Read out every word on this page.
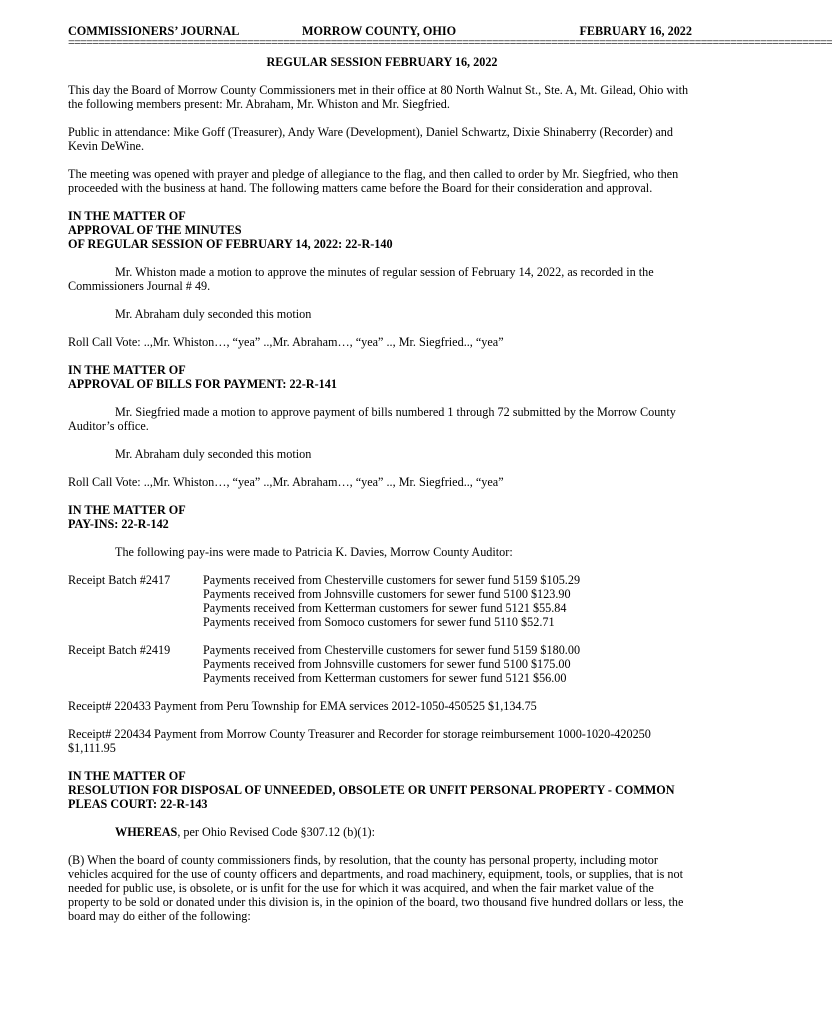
COMMISSIONERS’ JOURNAL	MORROW COUNTY, OHIO	FEBRUARY 16, 2022
================================================================================================================================

REGULAR SESSION FEBRUARY 16, 2022

This day the Board of Morrow County Commissioners met in their office at 80 North Walnut St., Ste. A, Mt. Gilead, Ohio with the following members present: Mr. Abraham, Mr. Whiston and Mr. Siegfried.

Public in attendance: Mike Goff (Treasurer), Andy Ware (Development), Daniel Schwartz, Dixie Shinaberry (Recorder) and Kevin DeWine.

The meeting was opened with prayer and pledge of allegiance to the flag, and then called to order by Mr. Siegfried, who then proceeded with the business at hand. The following matters came before the Board for their consideration and approval.

IN THE MATTER OF
APPROVAL OF THE MINUTES
OF REGULAR SESSION OF FEBRUARY 14, 2022: 22-R-140

Mr. Whiston made a motion to approve the minutes of regular session of February 14, 2022, as recorded in the Commissioners Journal # 49.

Mr. Abraham duly seconded this motion

Roll Call Vote: ..,Mr. Whiston…, “yea” ..,Mr. Abraham…, “yea” .., Mr. Siegfried.., “yea”

IN THE MATTER OF
APPROVAL OF BILLS FOR PAYMENT: 22-R-141

Mr. Siegfried made a motion to approve payment of bills numbered 1 through 72 submitted by the Morrow County Auditor’s office.

Mr. Abraham duly seconded this motion

Roll Call Vote: ..,Mr. Whiston…, “yea” ..,Mr. Abraham…, “yea” .., Mr. Siegfried.., “yea”

IN THE MATTER OF
PAY-INS: 22-R-142

The following pay-ins were made to Patricia K. Davies, Morrow County Auditor:

Receipt Batch #2417	Payments received from Chesterville customers for sewer fund 5159 $105.29
Payments received from Johnsville customers for sewer fund 5100 $123.90
Payments received from Ketterman customers for sewer fund 5121 $55.84
Payments received from Somoco customers for sewer fund 5110 $52.71
Receipt Batch #2419	Payments received from Chesterville customers for sewer fund 5159 $180.00
Payments received from Johnsville customers for sewer fund 5100 $175.00
Payments received from Ketterman customers for sewer fund 5121 $56.00

Receipt# 220433 Payment from Peru Township for EMA services 2012-1050-450525 $1,134.75

Receipt# 220434 Payment from Morrow County Treasurer and Recorder for storage reimbursement 1000-1020-420250 $1,111.95

IN THE MATTER OF
RESOLUTION FOR DISPOSAL OF UNNEEDED, OBSOLETE OR UNFIT PERSONAL PROPERTY - COMMON PLEAS COURT: 22-R-143

WHEREAS, per Ohio Revised Code §307.12 (b)(1):

(B) When the board of county commissioners finds, by resolution, that the county has personal property, including motor vehicles acquired for the use of county officers and departments, and road machinery, equipment, tools, or supplies, that is not needed for public use, is obsolete, or is unfit for the use for which it was acquired, and when the fair market value of the property to be sold or donated under this division is, in the opinion of the board, two thousand five hundred dollars or less, the board may do either of the following:
